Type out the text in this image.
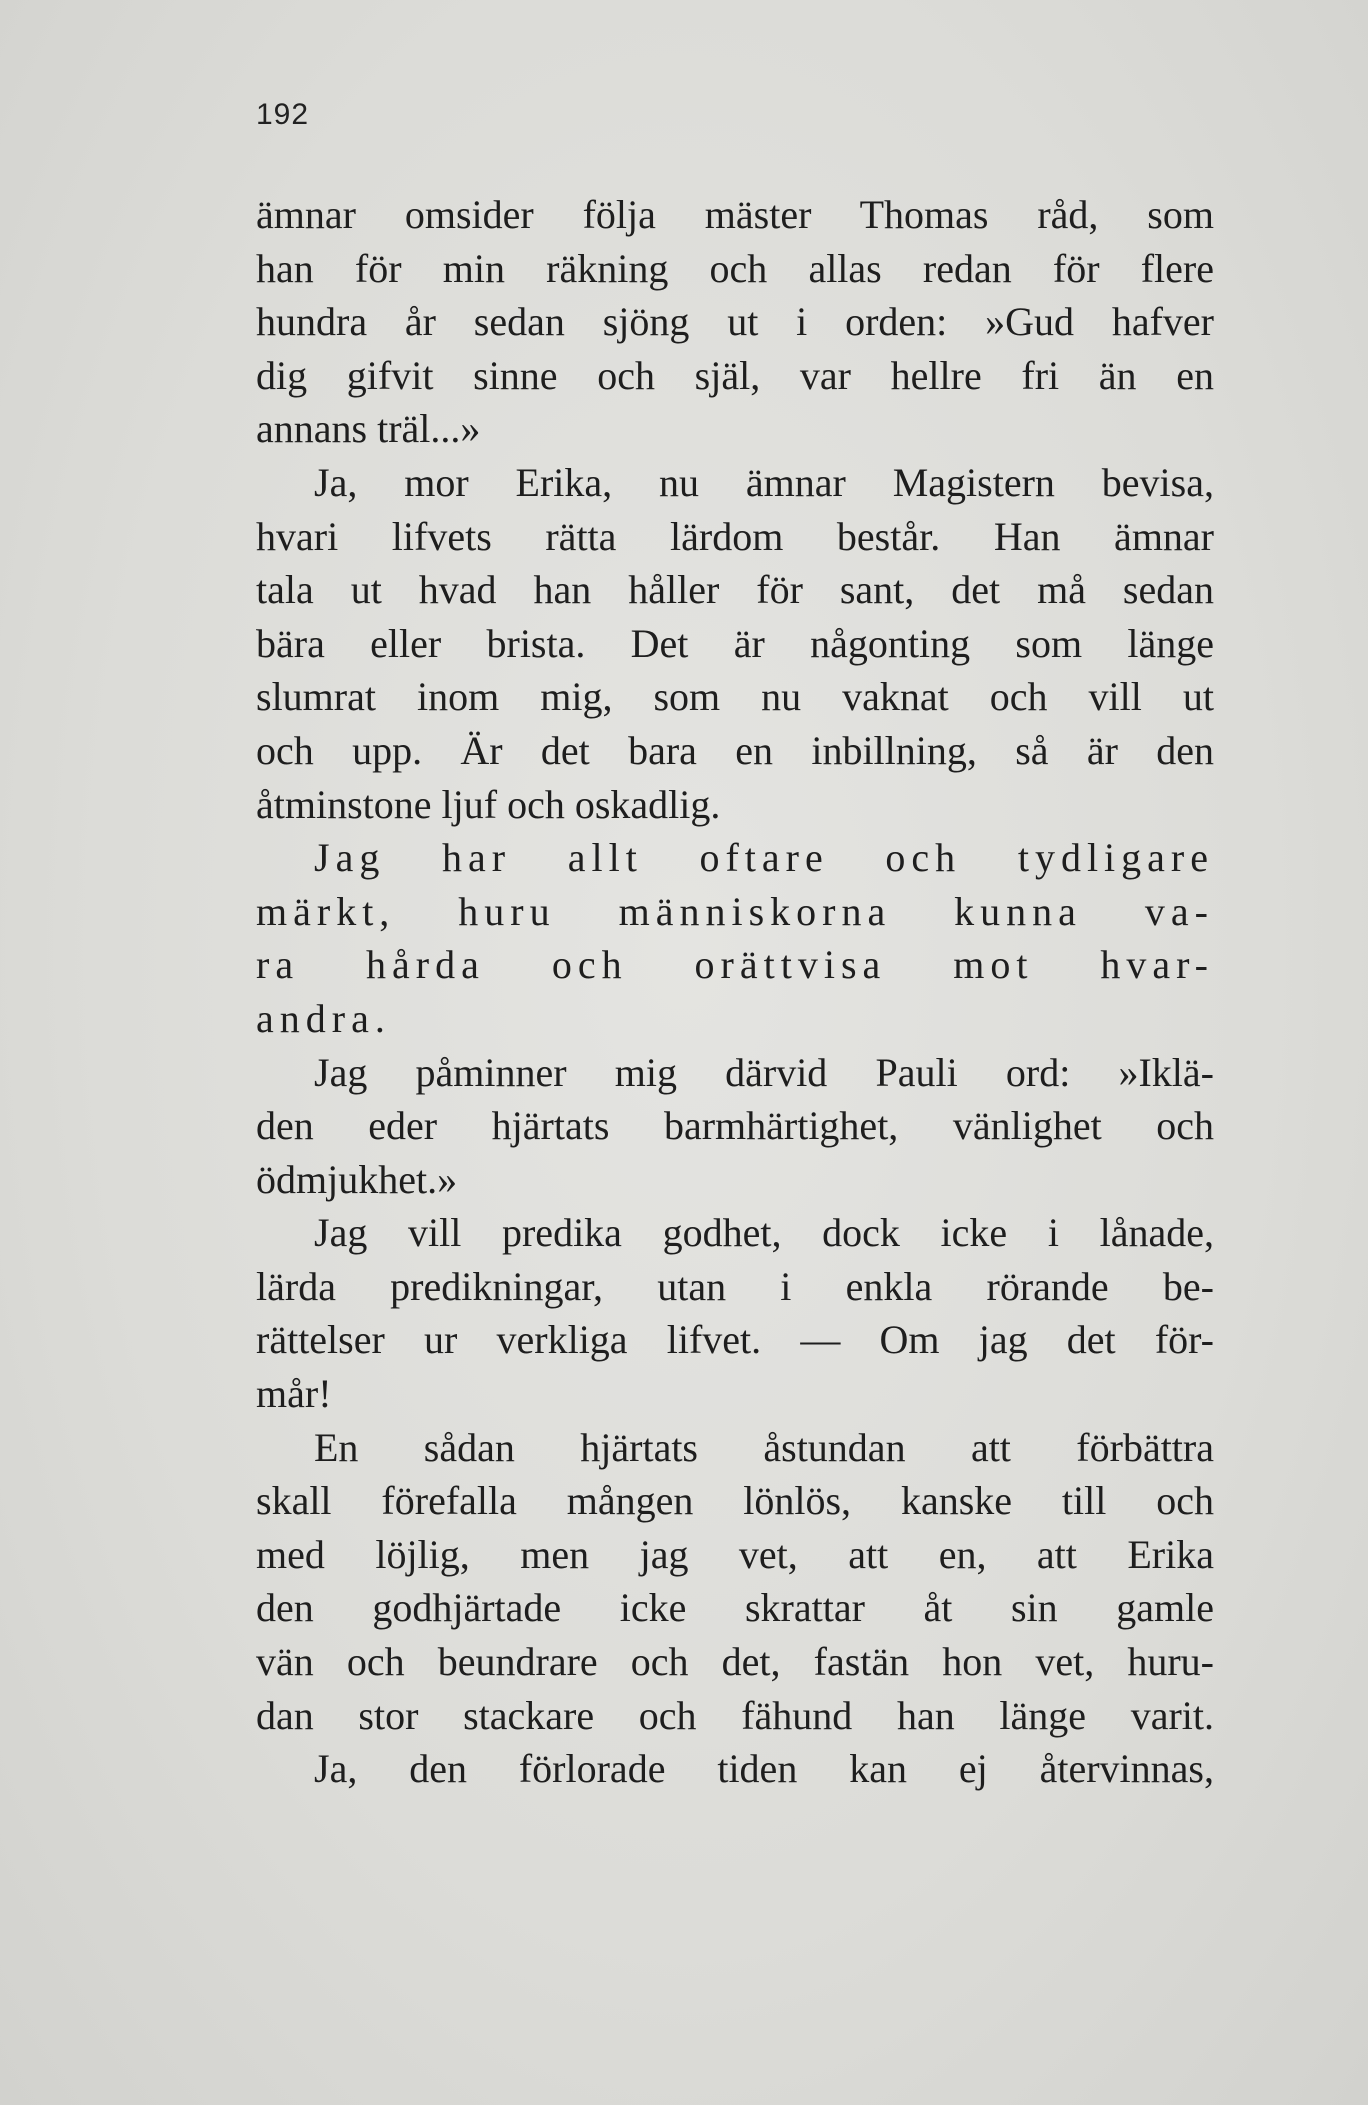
192
ämnar omsider följa mäster Thomas råd, som
han för min räkning och allas redan för flere
hundra år sedan sjöng ut i orden: »Gud hafver
dig gifvit sinne och själ, var hellre fri än en
annans träl...»
Ja, mor Erika, nu ämnar Magistern bevisa,
hvari lifvets rätta lärdom består. Han ämnar
tala ut hvad han håller för sant, det må sedan
bära eller brista. Det är någonting som länge
slumrat inom mig, som nu vaknat och vill ut
och upp. Är det bara en inbillning, så är den
åtminstone ljuf och oskadlig.
Jag har allt oftare och tydligare
märkt, huru människorna kunna va-
ra hårda och orättvisa mot hvar-
andra.
Jag påminner mig därvid Pauli ord: »Iklä-
den eder hjärtats barmhärtighet, vänlighet och
ödmjukhet.»
Jag vill predika godhet, dock icke i lånade,
lärda predikningar, utan i enkla rörande be-
rättelser ur verkliga lifvet. — Om jag det för-
mår!
En sådan hjärtats åstundan att förbättra
skall förefalla mången lönlös, kanske till och
med löjlig, men jag vet, att en, att Erika
den godhjärtade icke skrattar åt sin gamle
vän och beundrare och det, fastän hon vet, huru-
dan stor stackare och fähund han länge varit.
Ja, den förlorade tiden kan ej återvinnas,
